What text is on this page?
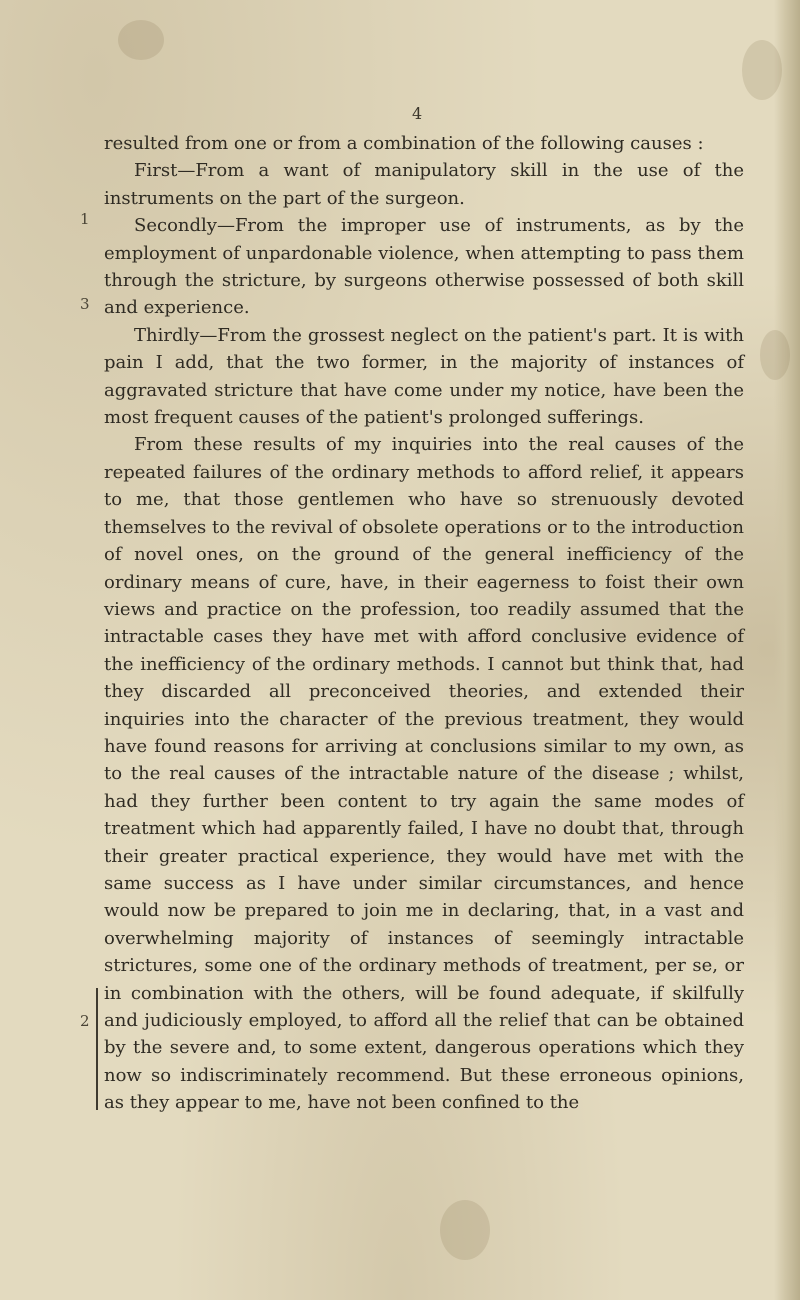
4
1
3
2

resulted from one or from a combination of the following causes :

First—From a want of manipulatory skill in the use of the instruments on the part of the surgeon.

Secondly—From the improper use of instruments, as by the employment of unpardonable violence, when attempting to pass them through the stricture, by surgeons otherwise possessed of both skill and experience.

Thirdly—From the grossest neglect on the patient's part. It is with pain I add, that the two former, in the majority of instances of aggravated stricture that have come under my notice, have been the most frequent causes of the patient's prolonged sufferings.

From these results of my inquiries into the real causes of the repeated failures of the ordinary methods to afford relief, it appears to me, that those gentlemen who have so strenuously devoted themselves to the revival of obsolete operations or to the introduction of novel ones, on the ground of the general inefficiency of the ordinary means of cure, have, in their eagerness to foist their own views and practice on the profession, too readily assumed that the intractable cases they have met with afford conclusive evidence of the inefficiency of the ordinary methods. I cannot but think that, had they discarded all preconceived theories, and extended their inquiries into the character of the previous treatment, they would have found reasons for arriving at conclusions similar to my own, as to the real causes of the intractable nature of the disease ; whilst, had they further been content to try again the same modes of treatment which had apparently failed, I have no doubt that, through their greater practical experience, they would have met with the same success as I have under similar circumstances, and hence would now be prepared to join me in declaring, that, in a vast and overwhelming majority of instances of seemingly intractable strictures, some one of the ordinary methods of treatment, per se, or in combination with the others, will be found adequate, if skilfully and judiciously employed, to afford all the relief that can be obtained by the severe and, to some extent, dangerous operations which they now so indiscriminately recommend. But these erroneous opinions, as they appear to me, have not been confined to the
